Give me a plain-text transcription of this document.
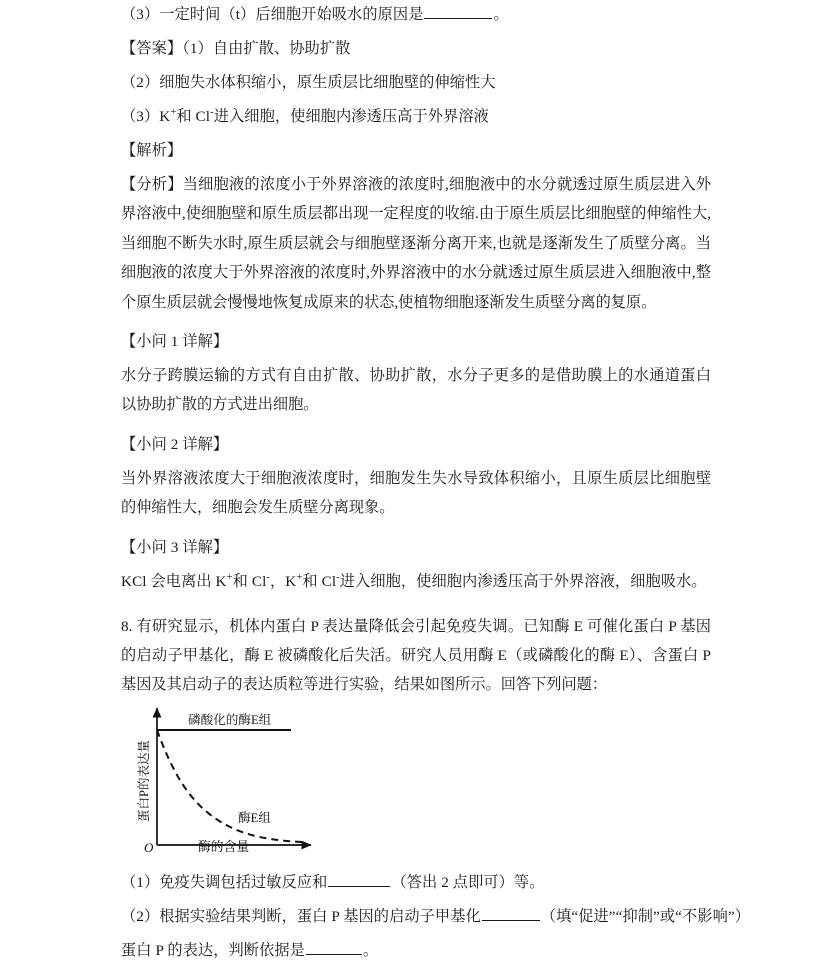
（3）一定时间（t）后细胞开始吸水的原因是	。

【答案】（1）自由扩散、协助扩散

（2）细胞失水体积缩小，原生质层比细胞壁的伸缩性大

（3）K+和 Cl-进入细胞，使细胞内渗透压高于外界溶液

【解析】

【分析】当细胞液的浓度小于外界溶液的浓度时,细胞液中的水分就透过原生质层进入外界溶液中,使细胞壁和原生质层都出现一定程度的收缩.由于原生质层比细胞壁的伸缩性大,当细胞不断失水时,原生质层就会与细胞壁逐渐分离开来,也就是逐渐发生了质壁分离。当细胞液的浓度大于外界溶液的浓度时,外界溶液中的水分就透过原生质层进入细胞液中,整个原生质层就会慢慢地恢复成原来的状态,使植物细胞逐渐发生质壁分离的复原。

【小问 1 详解】

水分子跨膜运输的方式有自由扩散、协助扩散，水分子更多的是借助膜上的水通道蛋白以协助扩散的方式进出细胞。

【小问 2 详解】

当外界溶液浓度大于细胞液浓度时，细胞发生失水导致体积缩小，且原生质层比细胞壁的伸缩性大，细胞会发生质壁分离现象。

【小问 3 详解】

KCl 会电离出 K+和 Cl-，K+和 Cl-进入细胞，使细胞内渗透压高于外界溶液，细胞吸水。

8. 有研究显示，机体内蛋白 P 表达量降低会引起免疫失调。已知酶 E 可催化蛋白 P 基因的启动子甲基化，酶 E 被磷酸化后失活。研究人员用酶 E（或磷酸化的酶 E）、含蛋白 P 基因及其启动子的表达质粒等进行实验，结果如图所示。回答下列问题：

（1）免疫失调包括过敏反应和	（答出 2 点即可）等。

（2）根据实验结果判断，蛋白 P 基因的启动子甲基化	（填“促进”“抑制”或“不影响”）

蛋白 P 的表达，判断依据是	。

蛋白P的表达量
酶的含量
O
磷酸化的酶E组
酶E组
